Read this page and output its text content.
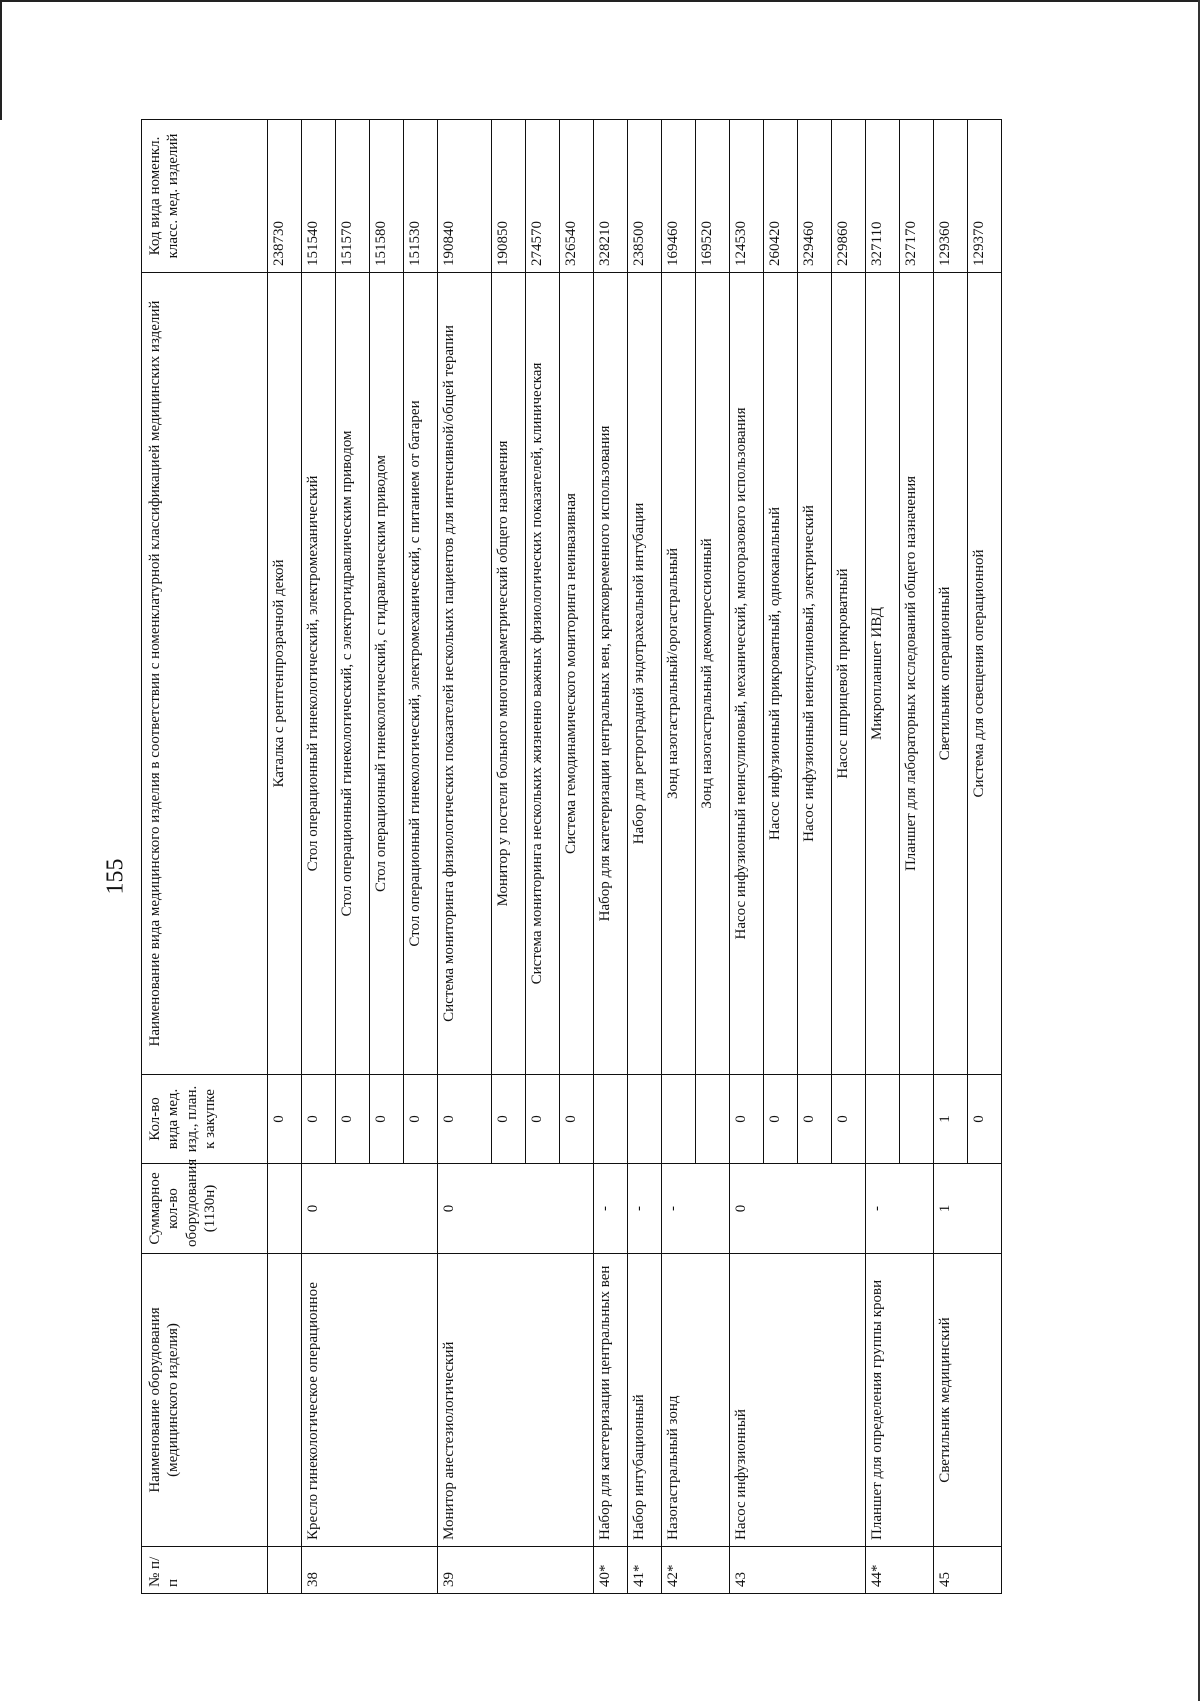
155
№ п/п	Наименование оборудования (медицинского изделия)	Суммарное кол-во оборудования (1130н)	Кол-во вида мед. изд., план. к закупке	Наименование вида медицинского изделия в соответствии с номенклатурной классификацией медицинских изделий	Код вида номенкл. класс. мед. изделий
			0	Каталка с рентгенпрозрачной декой	238730
38	Кресло гинекологическое операционное	0	0	Стол операционный гинекологический, электромеханический	151540
			0	Стол операционный гинекологический, с электрогидравлическим приводом	151570
			0	Стол операционный гинекологический, с гидравлическим приводом	151580
			0	Стол операционный гинекологический, электромеханический, с питанием от батареи	151530
39	Монитор анестезиологический	0	0	Система мониторинга физиологических показателей нескольких пациентов для интенсивной/общей терапии	190840
			0	Монитор у постели больного многопараметрический общего назначения	190850
			0	Система мониторинга нескольких жизненно важных физиологических показателей, клиническая	274570
			0	Система гемодинамического мониторинга неинвазивная	326540
40*	Набор для катетеризации центральных вен	-		Набор для катетеризации центральных вен, кратковременного использования	328210
41*	Набор интубационный	-		Набор для ретроградной эндотрахеальной интубации	238500
42*	Назогастральный зонд	-		Зонд назогастральный/орогастральный	169460
				Зонд назогастральный декомпрессионный	169520
43	Насос инфузионный	0	0	Насос инфузионный неинсулиновый, механический, многоразового использования	124530
			0	Насос инфузионный прикроватный, одноканальный	260420
			0	Насос инфузионный неинсулиновый, электрический	329460
			0	Насос шприцевой прикроватный	229860
44*	Планшет для определения группы крови	-		Микропланшет ИВД	327110
				Планшет для лабораторных исследований общего назначения	327170
45	Светильник медицинский	1	1	Светильник операционный	129360
			0	Система для освещения операционной	129370
